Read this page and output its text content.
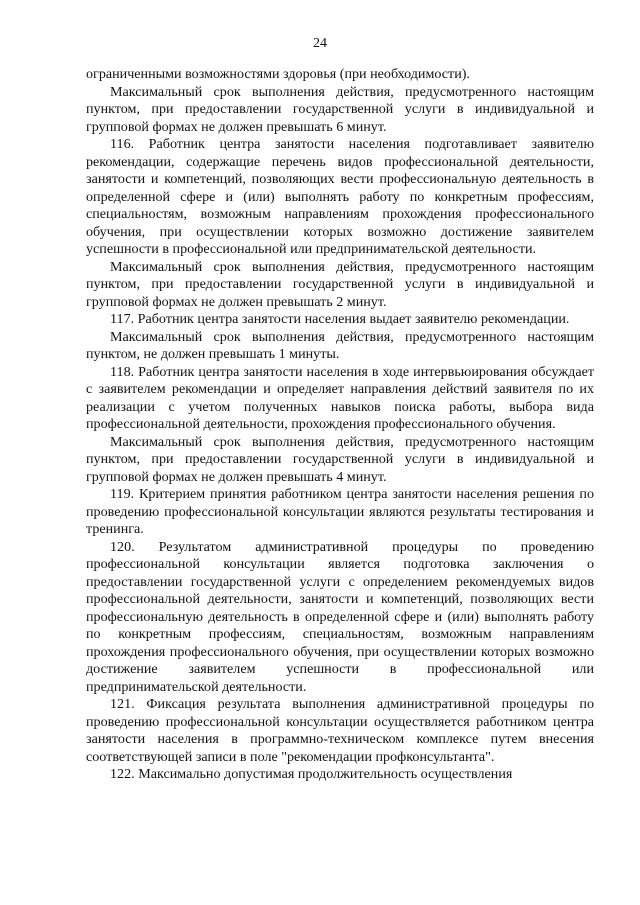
24

ограниченными возможностями здоровья (при необходимости).

Максимальный срок выполнения действия, предусмотренного настоящим пунктом, при предоставлении государственной услуги в индивидуальной и групповой формах не должен превышать 6 минут.

116. Работник центра занятости населения подготавливает заявителю рекомендации, содержащие перечень видов профессиональной деятельности, занятости и компетенций, позволяющих вести профессиональную деятельность в определенной сфере и (или) выполнять работу по конкретным профессиям, специальностям, возможным направлениям прохождения профессионального обучения, при осуществлении которых возможно достижение заявителем успешности в профессиональной или предпринимательской деятельности.

Максимальный срок выполнения действия, предусмотренного настоящим пунктом, при предоставлении государственной услуги в индивидуальной и групповой формах не должен превышать 2 минут.

117. Работник центра занятости населения выдает заявителю рекомендации.

Максимальный срок выполнения действия, предусмотренного настоящим пунктом, не должен превышать 1 минуты.

118. Работник центра занятости населения в ходе интервьюирования обсуждает с заявителем рекомендации и определяет направления действий заявителя по их реализации с учетом полученных навыков поиска работы, выбора вида профессиональной деятельности, прохождения профессионального обучения.

Максимальный срок выполнения действия, предусмотренного настоящим пунктом, при предоставлении государственной услуги в индивидуальной и групповой формах не должен превышать 4 минут.

119. Критерием принятия работником центра занятости населения решения по проведению профессиональной консультации являются результаты тестирования и тренинга.

120. Результатом административной процедуры по проведению профессиональной консультации является подготовка заключения о предоставлении государственной услуги с определением рекомендуемых видов профессиональной деятельности, занятости и компетенций, позволяющих вести профессиональную деятельность в определенной сфере и (или) выполнять работу по конкретным профессиям, специальностям, возможным направлениям прохождения профессионального обучения, при осуществлении которых возможно достижение заявителем успешности в профессиональной или предпринимательской деятельности.

121. Фиксация результата выполнения административной процедуры по проведению профессиональной консультации осуществляется работником центра занятости населения в программно-техническом комплексе путем внесения соответствующей записи в поле "рекомендации профконсультанта".

122. Максимально допустимая продолжительность осуществления
